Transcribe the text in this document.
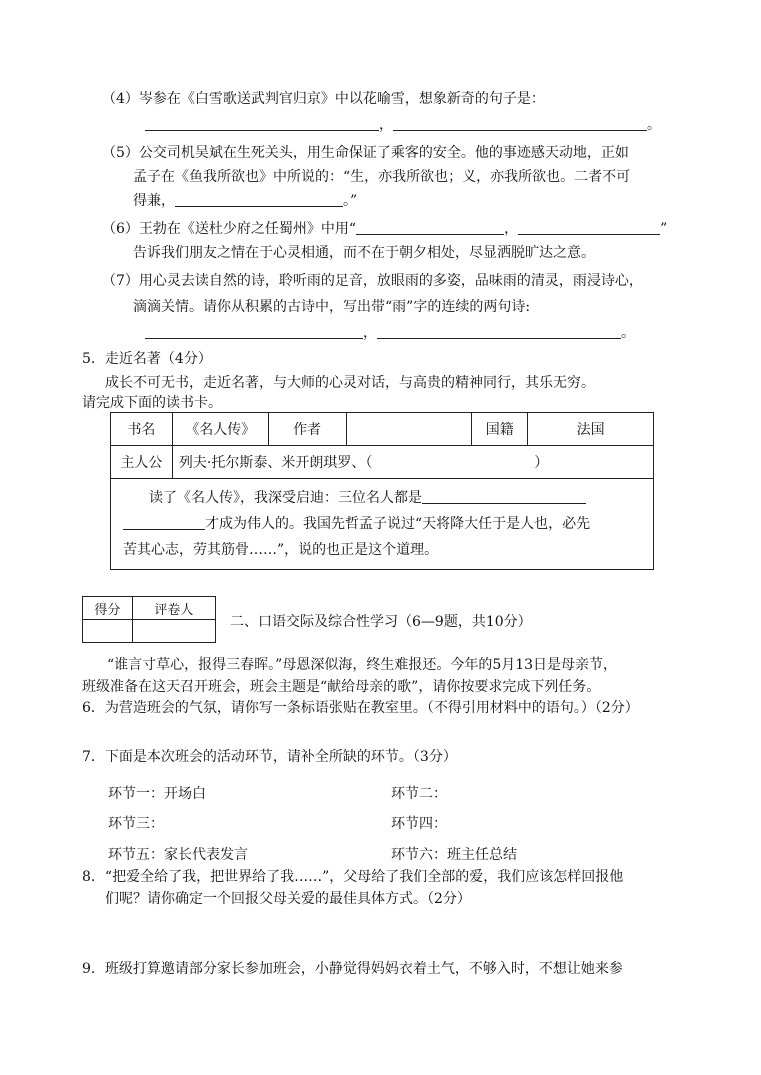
（4）岑参在《白雪歌送武判官归京》中以花喻雪，想象新奇的句子是：
，	。
（5）公交司机吴斌在生死关头，用生命保证了乘客的安全。他的事迹感天动地，正如
孟子在《鱼我所欲也》中所说的：“生，亦我所欲也；义，亦我所欲也。二者不可
得兼，	。”
（6）王勃在《送杜少府之任蜀州》中用“	，	”
告诉我们朋友之情在于心灵相通，而不在于朝夕相处，尽显洒脱旷达之意。
（7）用心灵去读自然的诗，聆听雨的足音，放眼雨的多姿，品味雨的清灵，雨浸诗心，
滴滴关情。请你从积累的古诗中，写出带“雨”字的连续的两句诗:
，	。
5．走近名著（4分）
成长不可无书，走近名著，与大师的心灵对话，与高贵的精神同行，其乐无穷。
请完成下面的读书卡。
书名	《名人传》	作者		国籍	法国
主人公	列夫·托尔斯泰、米开朗琪罗、（ ）				

读了《名人传》，我深受启迪：三位名人都是
才成为伟人的。我国先哲孟子说过“天将降大任于是人也，必先
苦其心志，劳其筋骨……”，说的也正是这个道理。					
得分	评卷人

二、口语交际及综合性学习（6—9题，共10分）
“谁言寸草心，报得三春晖。”母恩深似海，终生难报还。今年的5月13日是母亲节，
班级准备在这天召开班会，班会主题是“献给母亲的歌”，请你按要求完成下列任务。
6．为营造班会的气氛，请你写一条标语张贴在教室里。（不得引用材料中的语句。）（2分）
7．下面是本次班会的活动环节，请补全所缺的环节。（3分）
环节一：开场白	环节二：
环节三：	环节四：
环节五：家长代表发言	环节六：班主任总结
8．“把爱全给了我，把世界给了我……”，父母给了我们全部的爱，我们应该怎样回报他
们呢？请你确定一个回报父母关爱的最佳具体方式。（2分）
9．班级打算邀请部分家长参加班会，小静觉得妈妈衣着土气，不够入时，不想让她来参
